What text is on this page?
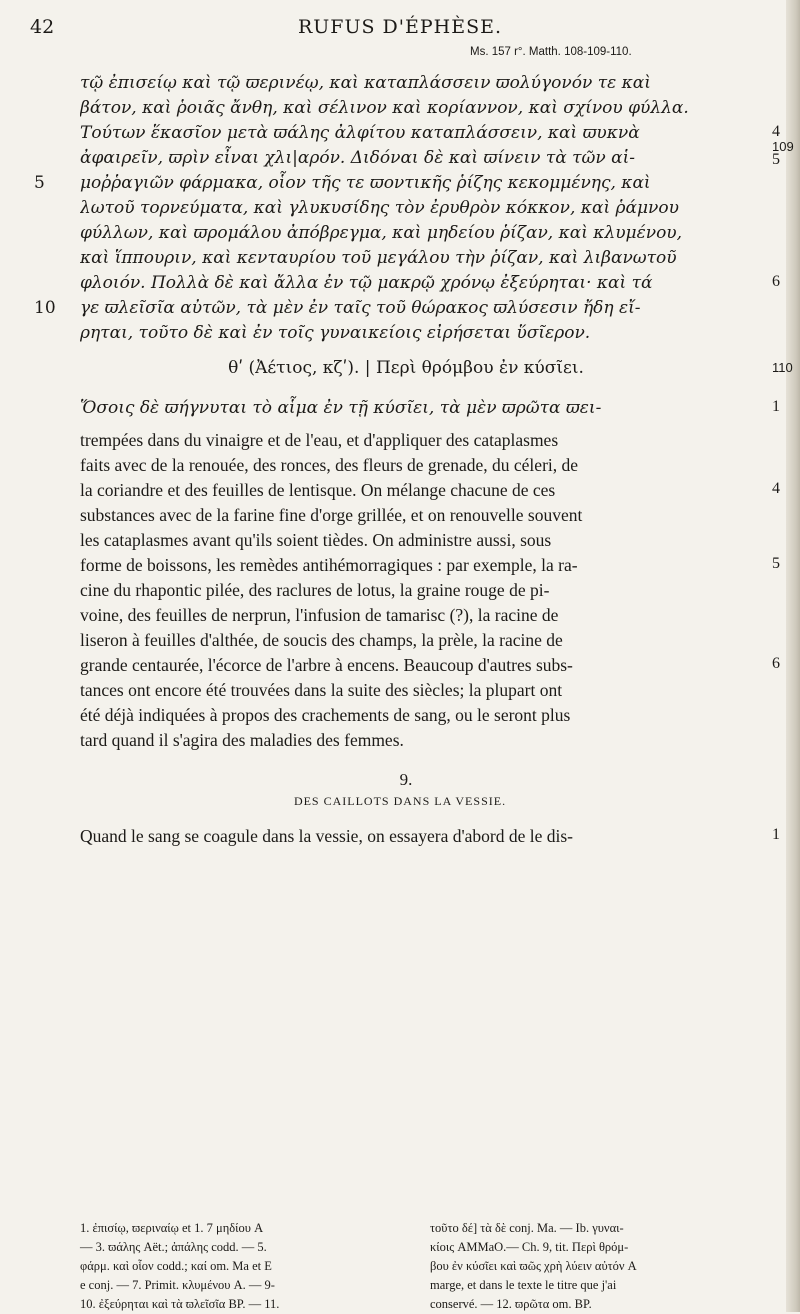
42	RUFUS D'ÉPHÈSE.
Ms. 157 r°. Matth. 108-109-110.
τῷ ἐπισείῳ καὶ τῷ ϖερινέῳ, καὶ καταπλάσσειν ϖολύγονόν τε καὶ
βάτον, καὶ ῥοιᾶς ἄνθη, καὶ σέλινον καὶ κορίαννον, καὶ σχίνου φύλλα.
Τούτων ἕκασῖον μετὰ ϖάλης ἀλφίτου καταπλάσσειν, καὶ ϖυκνὰ
ἀφαιρεῖν, ϖρὶν εἶναι χλι|αρόν. Διδόναι δὲ καὶ ϖίνειν τὰ τῶν αἱ-
μοῤῥαγιῶν φάρμακα, οἷον τῆς τε ϖοντικῆς ῥίζης κεκομμένης, καὶ
λωτοῦ τορνεύματα, καὶ γλυκυσίδης τὸν ἐρυθρὸν κόκκον, καὶ ῥάμνου
φύλλων, καὶ ϖρομάλου ἀπόβρεγμα, καὶ μηδείου ῥίζαν, καὶ κλυμένου,
καὶ ἵππουριν, καὶ κενταυρίου τοῦ μεγάλου τὴν ῥίζαν, καὶ λιβανωτοῦ
φλοιόν. Πολλὰ δὲ καὶ ἄλλα ἐν τῷ μακρῷ χρόνῳ ἐξεύρηται· καὶ τά
γε ϖλεῖσῖα αὐτῶν, τὰ μὲν ἐν ταῖς τοῦ θώρακος ϖλύσεσιν ἤδη εἴ-
ρηται, τοῦτο δὲ καὶ ἐν τοῖς γυναικείοις εἰρήσεται ὕσῖερον.
5
10
4
109
5
6
θʹ (Ἀέτιος, κζʹ). | Περὶ θρόμβου ἐν κύσῖει.	110
Ὅσοις δὲ ϖήγνυται τὸ αἷμα ἐν τῇ κύσῖει, τὰ μὲν ϖρῶτα ϖει-	1
trempées dans du vinaigre et de l'eau, et d'appliquer des cataplasmes
faits avec de la renouée, des ronces, des fleurs de grenade, du céleri, de
la coriandre et des feuilles de lentisque. On mélange chacune de ces
substances avec de la farine fine d'orge grillée, et on renouvelle souvent
les cataplasmes avant qu'ils soient tièdes. On administre aussi, sous
forme de boissons, les remèdes antihémorragiques : par exemple, la ra-
cine du rhapontic pilée, des raclures de lotus, la graine rouge de pi-
voine, des feuilles de nerprun, l'infusion de tamarisc (?), la racine de
liseron à feuilles d'althée, de soucis des champs, la prèle, la racine de
grande centaurée, l'écorce de l'arbre à encens. Beaucoup d'autres subs-
tances ont encore été trouvées dans la suite des siècles; la plupart ont
été déjà indiquées à propos des crachements de sang, ou le seront plus
tard quand il s'agira des maladies des femmes.
4
5
6
9.
DES CAILLOTS DANS LA VESSIE.
Quand le sang se coagule dans la vessie, on essayera d'abord de le dis-	1
1. ἐπισίῳ, ϖεριναίῳ et 1. 7 μηδίου A
— 3. ϖάλης Aët.; ἀπάλης codd. — 5.
φάρμ. καὶ οἷον codd.; καί om. Ma et E
e conj. — 7. Primit. κλυμένου A. — 9-
10. ἐξεύρηται καὶ τὰ ϖλεῖσῖα BP. — 11.
τοῦτο δέ] τὰ δὲ conj. Ma. — Ib. γυναι-
κίοις AMMaO.— Ch. 9, tit. Περὶ θρόμ-
βου ἐν κύσῖει καὶ ϖῶς χρὴ λύειν αὐτόν A
marge, et dans le texte le titre que j'ai
conservé. — 12. ϖρῶτα om. BP.
